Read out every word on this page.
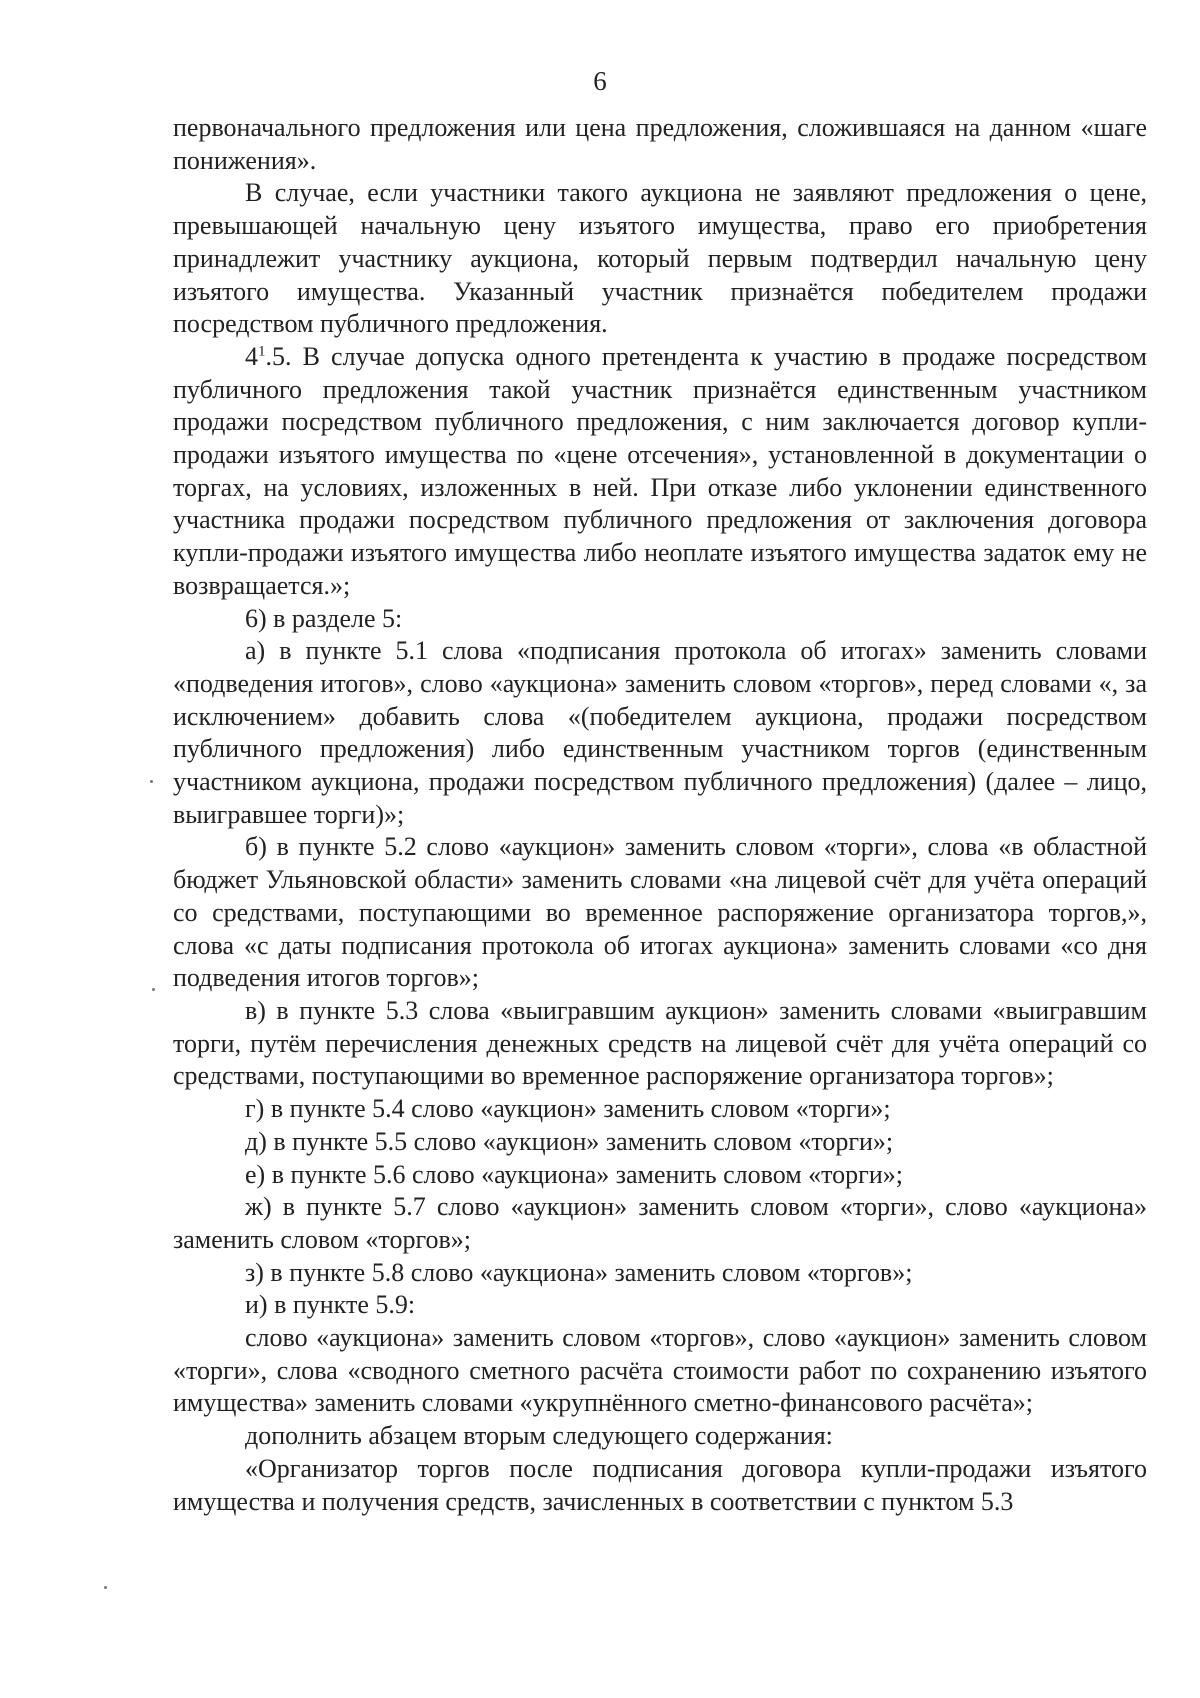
6

первоначального предложения или цена предложения, сложившаяся на данном «шаге понижения».

В случае, если участники такого аукциона не заявляют предложения о цене, превышающей начальную цену изъятого имущества, право его приобретения принадлежит участнику аукциона, который первым подтвердил начальную цену изъятого имущества. Указанный участник признаётся победителем продажи посредством публичного предложения.

$4^1.5$. В случае допуска одного претендента к участию в продаже посредством публичного предложения такой участник признаётся единственным участником продажи посредством публичного предложения, с ним заключается договор купли-продажи изъятого имущества по «цене отсечения», установленной в документации о торгах, на условиях, изложенных в ней. При отказе либо уклонении единственного участника продажи посредством публичного предложения от заключения договора купли-продажи изъятого имущества либо неоплате изъятого имущества задаток ему не возвращается.»;

6) в разделе 5:

а) в пункте 5.1 слова «подписания протокола об итогах» заменить словами «подведения итогов», слово «аукциона» заменить словом «торгов», перед словами «, за исключением» добавить слова «(победителем аукциона, продажи посредством публичного предложения) либо единственным участником торгов (единственным участником аукциона, продажи посредством публичного предложения) (далее – лицо, выигравшее торги)»;

б) в пункте 5.2 слово «аукцион» заменить словом «торги», слова «в областной бюджет Ульяновской области» заменить словами «на лицевой счёт для учёта операций со средствами, поступающими во временное распоряжение организатора торгов,», слова «с даты подписания протокола об итогах аукциона» заменить словами «со дня подведения итогов торгов»;

в) в пункте 5.3 слова «выигравшим аукцион» заменить словами «выигравшим торги, путём перечисления денежных средств на лицевой счёт для учёта операций со средствами, поступающими во временное распоряжение организатора торгов»;

г) в пункте 5.4 слово «аукцион» заменить словом «торги»;

д) в пункте 5.5 слово «аукцион» заменить словом «торги»;

е) в пункте 5.6 слово «аукциона» заменить словом «торги»;

ж) в пункте 5.7 слово «аукцион» заменить словом «торги», слово «аукциона» заменить словом «торгов»;

з) в пункте 5.8 слово «аукциона» заменить словом «торгов»;

и) в пункте 5.9:

слово «аукциона» заменить словом «торгов», слово «аукцион» заменить словом «торги», слова «сводного сметного расчёта стоимости работ по сохранению изъятого имущества» заменить словами «укрупнённого сметно-финансового расчёта»;

дополнить абзацем вторым следующего содержания:

«Организатор торгов после подписания договора купли-продажи изъятого имущества и получения средств, зачисленных в соответствии с пунктом 5.3
